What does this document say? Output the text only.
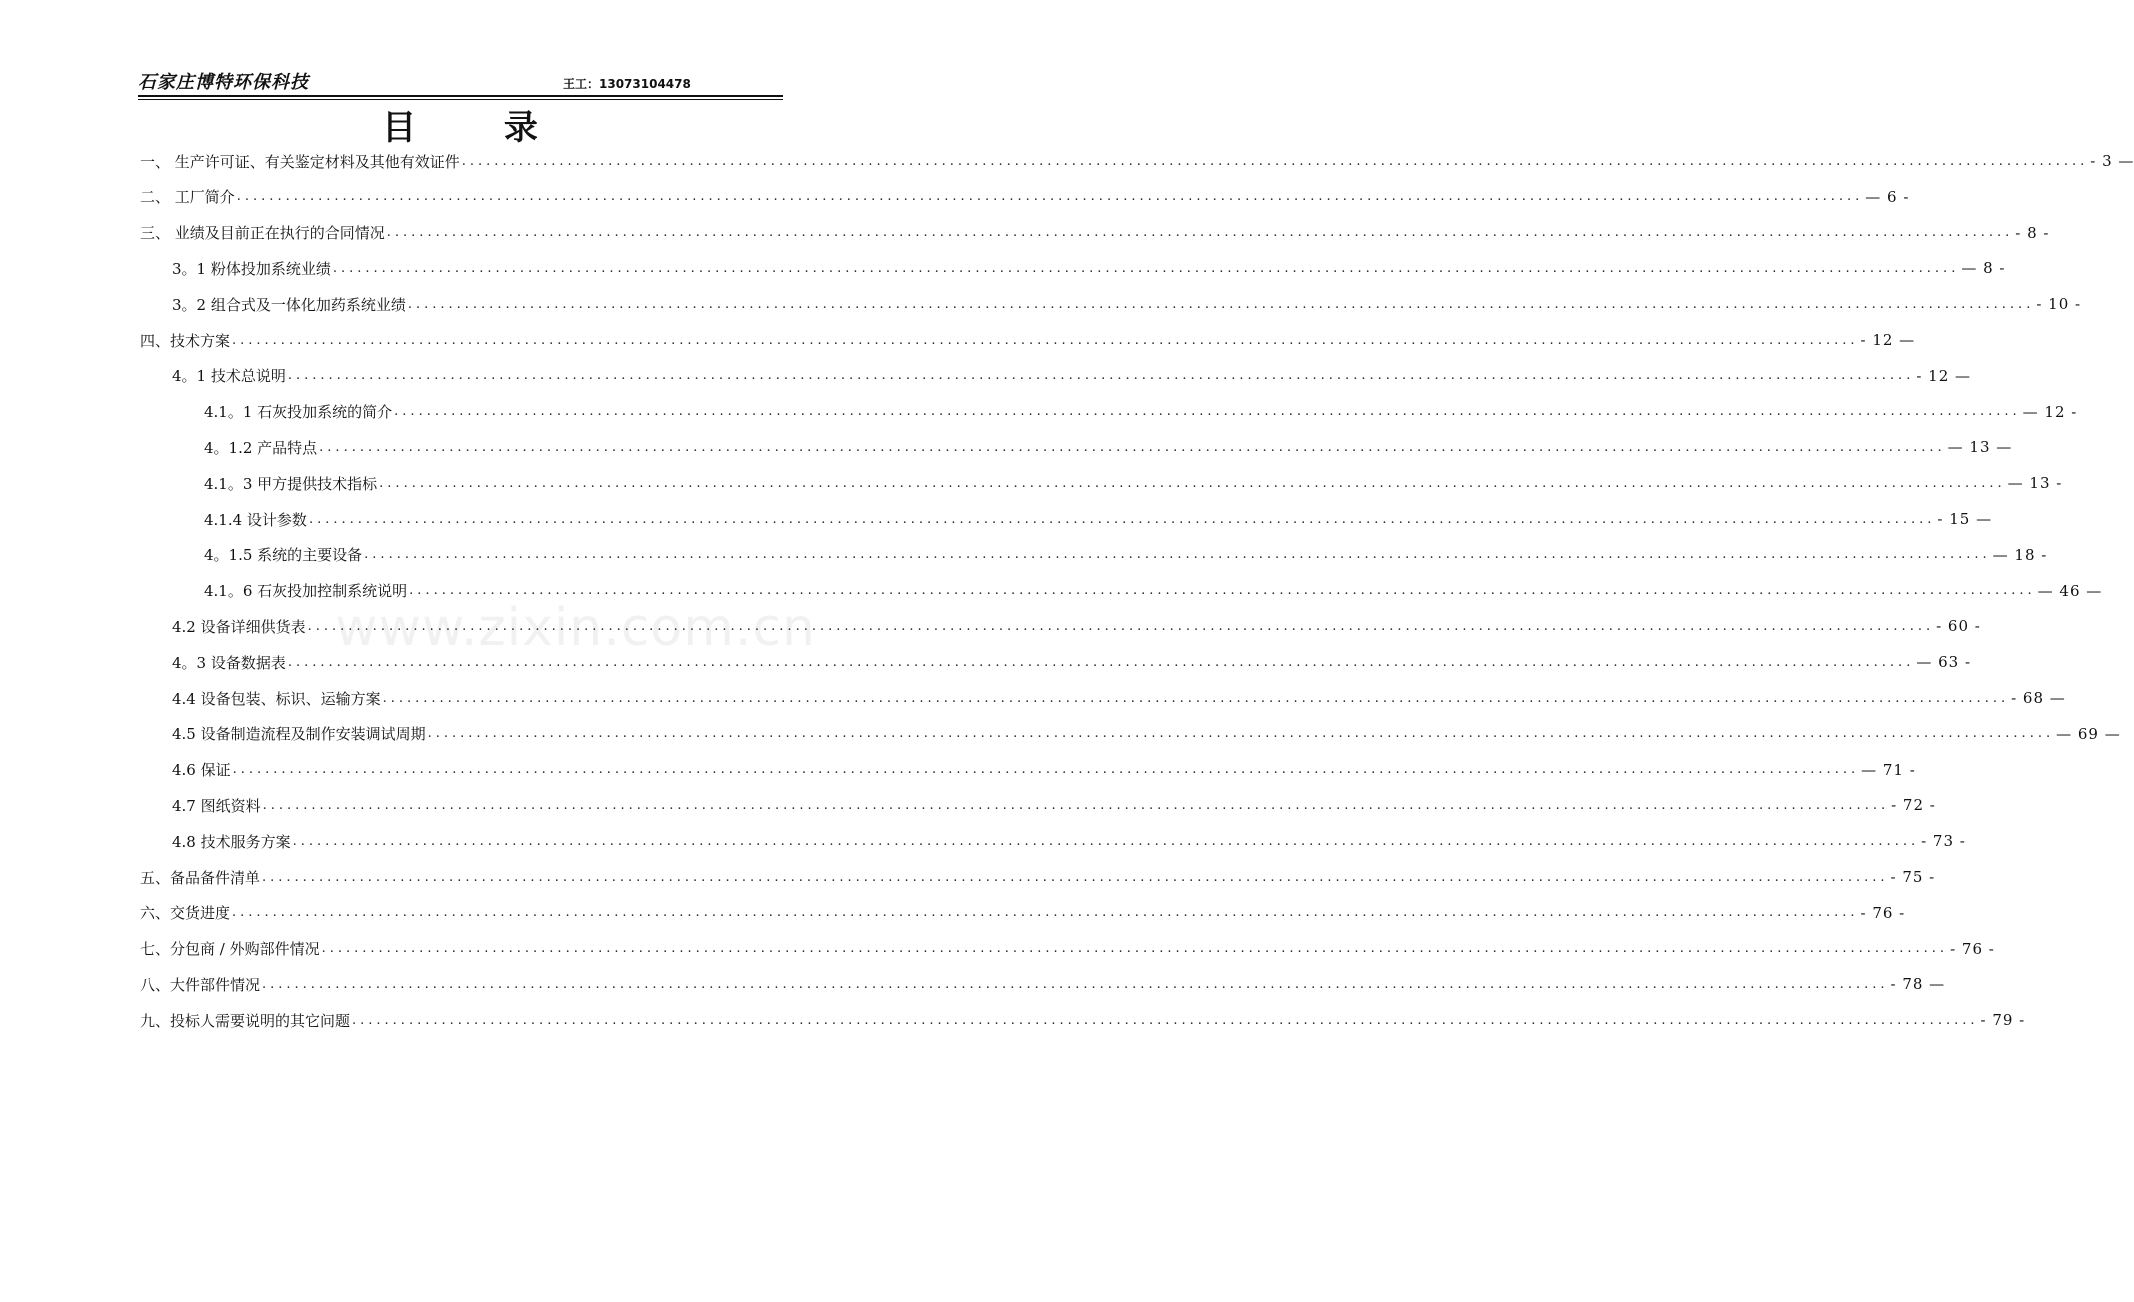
石家庄博特环保科技	王工：13073104478
目 录
www.zixin.com.cn
一、 生产许可证、有关鉴定材料及其他有效证件 ........................................................................................................................................................................................................ - 3 —
二、 工厂简介 ........................................................................................................................................................................................................ — 6 -
三、 业绩及目前正在执行的合同情况 ........................................................................................................................................................................................................ - 8 -
3。1 粉体投加系统业绩 ........................................................................................................................................................................................................ — 8 -
3。2 组合式及一体化加药系统业绩 ........................................................................................................................................................................................................ - 10 -
四、技术方案 ........................................................................................................................................................................................................ - 12 —
4。1 技术总说明 ........................................................................................................................................................................................................ - 12 —
4.1。1 石灰投加系统的简介 ........................................................................................................................................................................................................ — 12 -
4。1.2 产品特点 ........................................................................................................................................................................................................ — 13 —
4.1。3 甲方提供技术指标 ........................................................................................................................................................................................................ — 13 -
4.1.4 设计参数 ........................................................................................................................................................................................................ - 15 —
4。1.5 系统的主要设备 ........................................................................................................................................................................................................ — 18 -
4.1。6 石灰投加控制系统说明 ........................................................................................................................................................................................................ — 46 —
4.2 设备详细供货表 ........................................................................................................................................................................................................ - 60 -
4。3 设备数据表 ........................................................................................................................................................................................................ — 63 -
4.4 设备包装、标识、运输方案 ........................................................................................................................................................................................................ - 68 —
4.5 设备制造流程及制作安装调试周期 ........................................................................................................................................................................................................ — 69 —
4.6 保证 ........................................................................................................................................................................................................ — 71 -
4.7 图纸资料 ........................................................................................................................................................................................................ - 72 -
4.8 技术服务方案 ........................................................................................................................................................................................................ - 73 -
五、备品备件清单 ........................................................................................................................................................................................................ - 75 -
六、交货进度 ........................................................................................................................................................................................................ - 76 -
七、分包商 / 外购部件情况 ........................................................................................................................................................................................................ - 76 -
八、大件部件情况 ........................................................................................................................................................................................................ - 78 —
九、投标人需要说明的其它问题 ........................................................................................................................................................................................................ - 79 -
